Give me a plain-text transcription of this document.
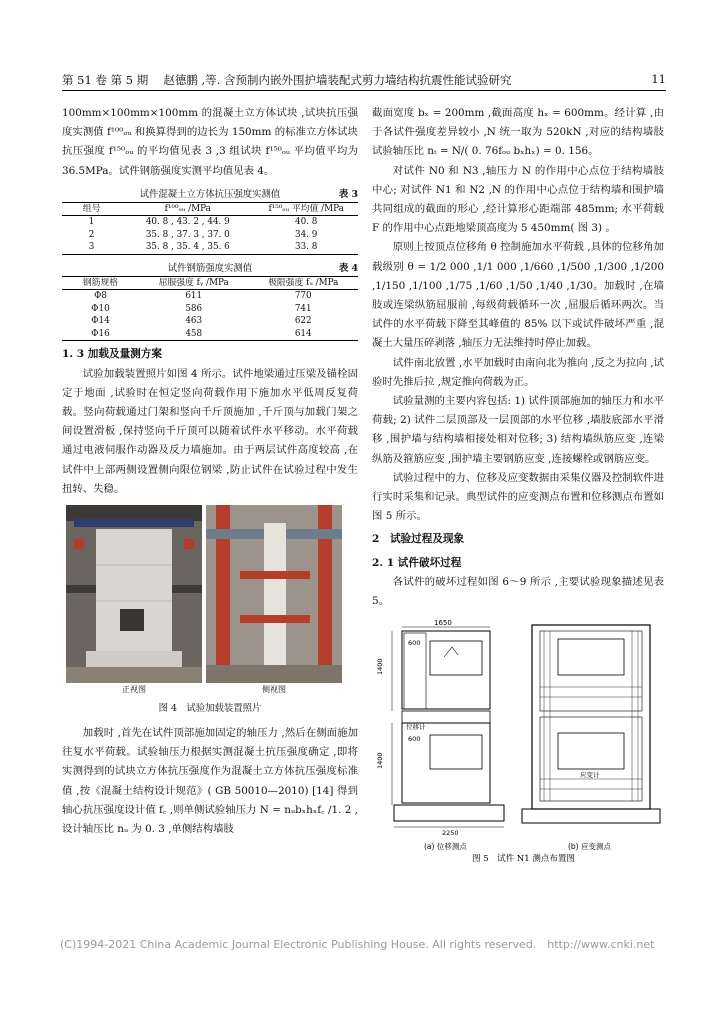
第 51 卷 第 5 期　 赵德鹏 ,等. 含预制内嵌外围护墙装配式剪力墙结构抗震性能试验研究	11

100mm×100mm×100mm 的混凝土立方体试块 ,试块抗压强度实测值 f¹⁰⁰ₒᵤ 和换算得到的边长为 150mm 的标准立方体试块抗压强度 f¹⁵⁰ₒᵤ 的平均值见表 3 ,3 组试块 f¹⁵⁰ₒᵤ 平均值平均为 36.5MPa。试件钢筋强度实测平均值见表 4。

试件混凝土立方体抗压强度实测值	表 3
组号	f¹⁰⁰ₒᵤ /MPa	f¹⁵⁰ₒᵤ 平均值 /MPa
1	40. 8 , 43. 2 , 44. 9	40. 8
2	35. 8 , 37. 3 , 37. 0	34. 9
3	35. 8 , 35. 4 , 35. 6	33. 8
试件钢筋强度实测值	表 4
钢筋规格	屈服强度 fᵧ /MPa	极限强度 fᵤ /MPa
Φ8	611	770
Φ10	586	741
Φ14	463	622
Φ16	458	614

1. 3 加载及量测方案

试验加载装置照片如图 4 所示。试件地梁通过压梁及锚栓固定于地面 ,试验时在恒定竖向荷载作用下施加水平低周反复荷载。竖向荷载通过门架和竖向千斤顶施加 ,千斤顶与加载门架之间设置滑板 ,保持竖向千斤顶可以随着试件水平移动。水平荷载通过电液伺服作动器及反力墙施加。由于两层试件高度较高 ,在试件中上部两侧设置侧向限位钢梁 ,防止试件在试验过程中发生扭转、失稳。

正视图	侧视图

图 4　试验加载装置照片

加载时 ,首先在试件顶部施加固定的轴压力 ,然后在侧面施加往复水平荷载。试验轴压力根据实测混凝土抗压强度确定 ,即将实测得到的试块立方体抗压强度作为混凝土立方体抗压强度标准值 ,按《混凝土结构设计规范》( GB 50010—2010) [14] 得到轴心抗压强度设计值 f꜀ ,则单侧试验轴压力 N = nᵤbₓhₓf꜀ /1. 2 ,设计轴压比 nᵤ 为 0. 3 ,单侧结构墙肢

截面宽度 bₓ = 200mm ,截面高度 hₓ = 600mm。经计算 ,由于各试件强度差异较小 ,N 统一取为 520kN ,对应的结构墙肢试验轴压比 nₜ = N/( 0. 76fₒᵤ bₓhₓ) = 0. 156。

对试件 N0 和 N3 ,轴压力 N 的作用中心点位于结构墙肢中心; 对试件 N1 和 N2 ,N 的作用中心点位于结构墙和围护墙共同组成的截面的形心 ,经计算形心距端部 485mm; 水平荷载 F 的作用中心点距地梁顶高度为 5 450mm( 图 3) 。

原则上按顶点位移角 θ 控制施加水平荷载 ,具体的位移角加载级别 θ = 1/2 000 ,1/1 000 ,1/660 ,1/500 ,1/300 ,1/200 ,1/150 ,1/100 ,1/75 ,1/60 ,1/50 ,1/40 ,1/30。加载时 ,在墙肢或连梁纵筋屈服前 ,每级荷载循环一次 ,屈服后循环两次。当试件的水平荷载下降至其峰值的 85% 以下或试件破坏严重 ,混凝土大量压碎剥落 ,轴压力无法维持时停止加载。

试件南北放置 ,水平加载时由南向北为推向 ,反之为拉向 ,试验时先推后拉 ,规定推向荷载为正。

试验量测的主要内容包括: 1) 试件顶部施加的轴压力和水平荷载; 2) 试件二层顶部及一层顶部的水平位移 ,墙肢底部水平滑移 ,围护墙与结构墙相接处相对位移; 3) 结构墙纵筋应变 ,连梁纵筋及箍筋应变 ,围护墙主要钢筋应变 ,连接螺栓或钢筋应变。

试验过程中的力、位移及应变数据由采集仪器及控制软件进行实时采集和记录。典型试件的应变测点布置和位移测点布置如图 5 所示。

2　试验过程及现象

2. 1 试件破坏过程

各试件的破坏过程如图 6～9 所示 ,主要试验现象描述见表 5。

1650
600
1400
位移计
600
1400
2250
(a) 位移测点
应变计
(b) 应变测点
图 5　试件 N1 测点布置图
(C)1994-2021 China Academic Journal Electronic Publishing House. All rights reserved.　http://www.cnki.net
